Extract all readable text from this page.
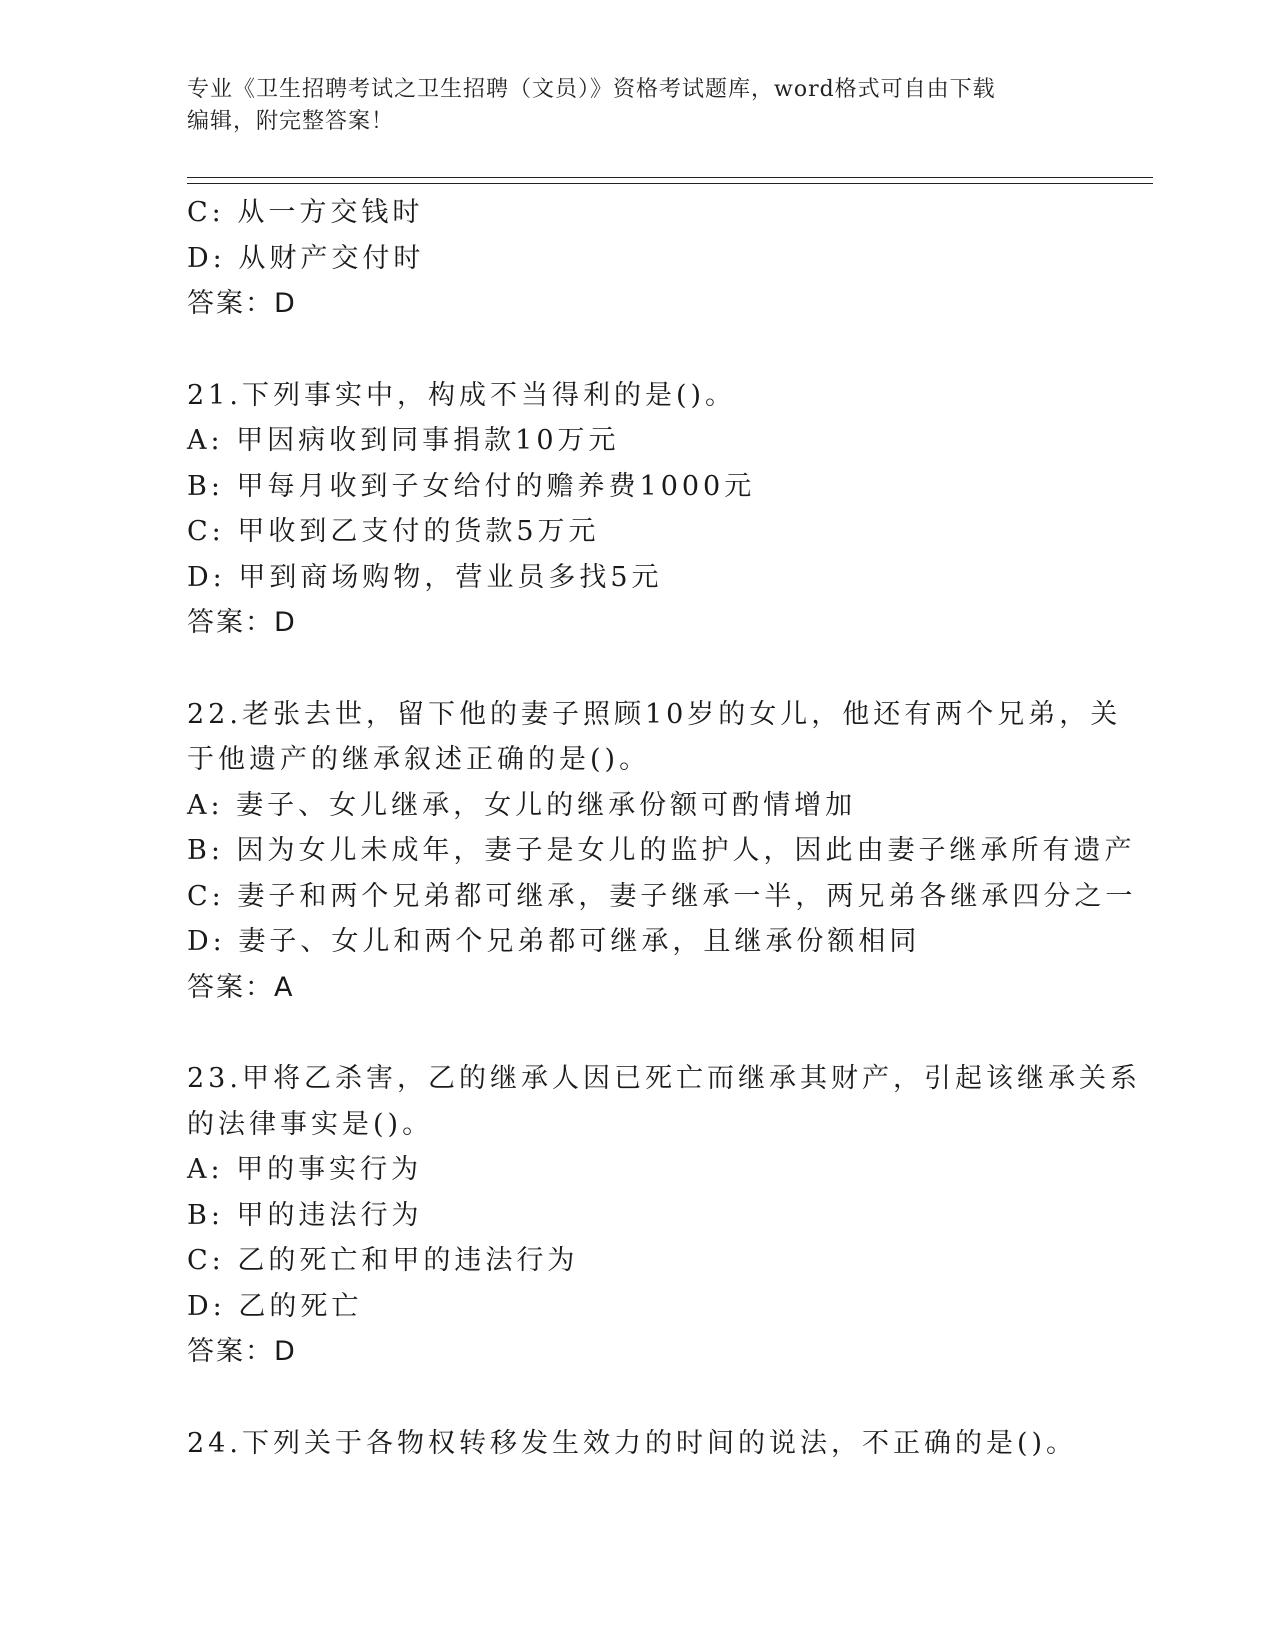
专业《卫生招聘考试之卫生招聘（文员）》资格考试题库，word格式可自由下载
编辑，附完整答案！
C: 从一方交钱时
D: 从财产交付时
答案：D
21.下列事实中，构成不当得利的是()。
A: 甲因病收到同事捐款10万元
B: 甲每月收到子女给付的赡养费1000元
C: 甲收到乙支付的货款5万元
D: 甲到商场购物，营业员多找5元
答案：D
22.老张去世，留下他的妻子照顾10岁的女儿，他还有两个兄弟，关
于他遗产的继承叙述正确的是()。
A: 妻子、女儿继承，女儿的继承份额可酌情增加
B: 因为女儿未成年，妻子是女儿的监护人，因此由妻子继承所有遗产
C: 妻子和两个兄弟都可继承，妻子继承一半，两兄弟各继承四分之一
D: 妻子、女儿和两个兄弟都可继承，且继承份额相同
答案：A
23.甲将乙杀害，乙的继承人因已死亡而继承其财产，引起该继承关系
的法律事实是()。
A: 甲的事实行为
B: 甲的违法行为
C: 乙的死亡和甲的违法行为
D: 乙的死亡
答案：D
24.下列关于各物权转移发生效力的时间的说法，不正确的是()。
